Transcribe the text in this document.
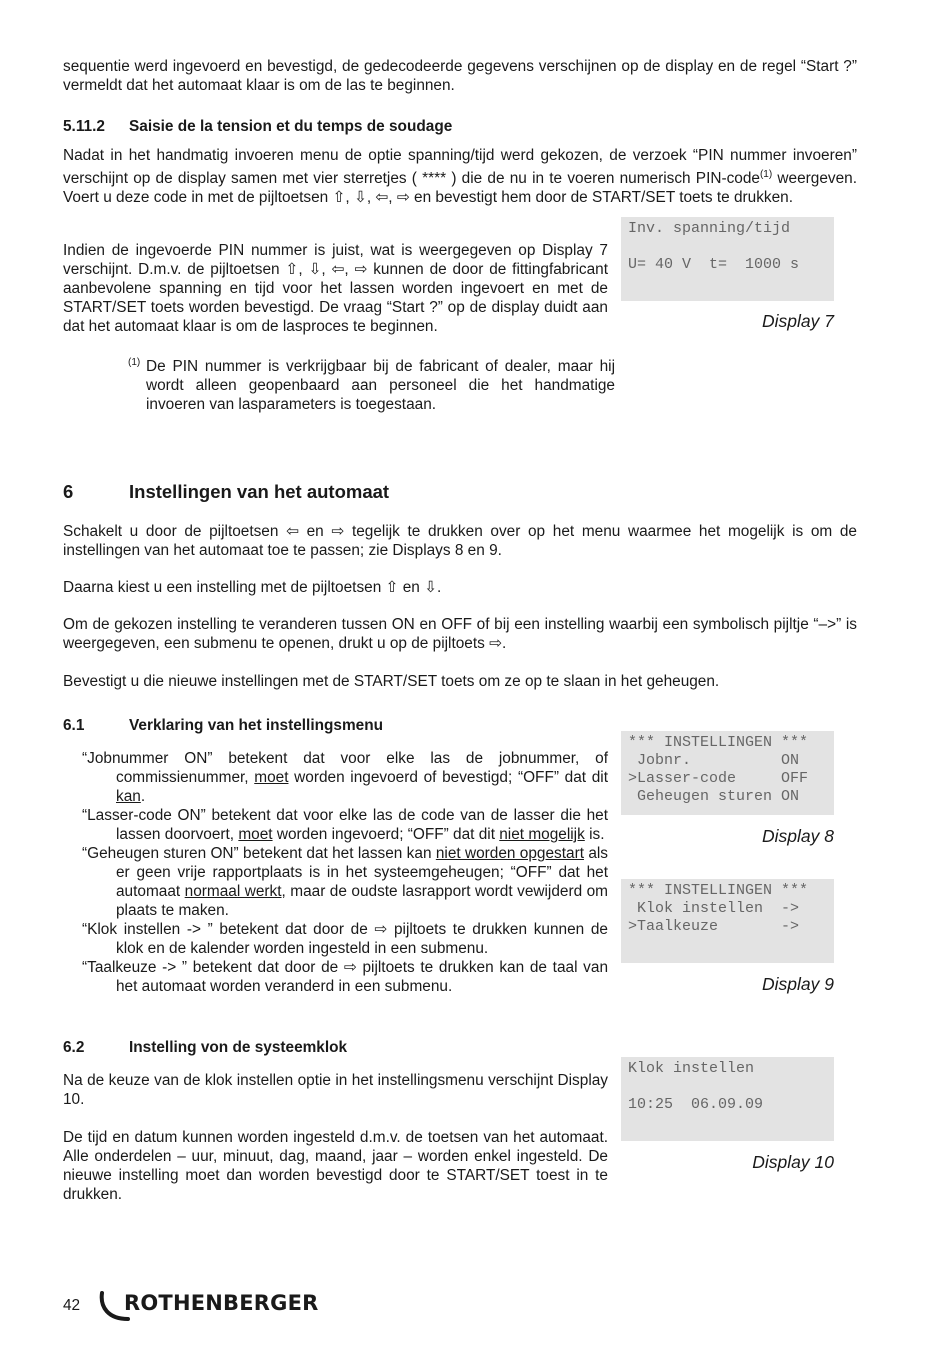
sequentie werd ingevoerd en bevestigd, de gedecodeerde gegevens verschijnen op de display en de regel “Start ?” vermeldt dat het automaat klaar is om de las te beginnen.
5.11.2 Saisie de la tension et du temps de soudage
Nadat in het handmatig invoeren menu de optie spanning/tijd werd gekozen, de verzoek “PIN nummer invoeren” verschijnt op de display samen met vier sterretjes ( **** ) die de nu in te voeren numerisch PIN-code$^{(1)}$ weergeven. Voert u deze code in met de pijltoetsen ⇧, ⇩, ⇦, ⇨ en bevestigt hem door de START/SET toets te drukken.
Indien de ingevoerde PIN nummer is juist, wat is weergegeven op Display 7 verschijnt. D.m.v. de pijltoetsen ⇧, ⇩, ⇦, ⇨ kunnen de door de fittingfabricant aanbevolene spanning en tijd voor het lassen worden ingevoert en met de START/SET toets worden bevestigd. De vraag “Start ?” op de display duidt aan dat het automaat klaar is om de lasproces te beginnen.
(1) De PIN nummer is verkrijgbaar bij de fabricant of dealer, maar hij wordt alleen geopenbaard aan personeel die het handmatige invoeren van lasparameters is toegestaan.
Inv. spanning/tijd
U= 40 V  t=  1000 s
Display 7
6	Instellingen van het automaat
Schakelt u door de pijltoetsen ⇦ en ⇨ tegelijk te drukken over op het menu waarmee het mogelijk is om de instellingen van het automaat toe te passen; zie Displays 8 en 9.
Daarna kiest u een instelling met de pijltoetsen ⇧ en ⇩.
Om de gekozen instelling te veranderen tussen ON en OFF of bij een instelling waarbij een symbolisch pijltje “–>” is weergegeven, een submenu te openen, drukt u op de pijltoets ⇨.
Bevestigt u die nieuwe instellingen met de START/SET toets om ze op te slaan in het geheugen.
6.1	Verklaring van het instellingsmenu
“Jobnummer ON” betekent dat voor elke las de jobnummer, of commissienummer, moet worden ingevoerd of bevestigd; “OFF” dat dit kan.
“Lasser-code ON” betekent dat voor elke las de code van de lasser die het lassen doorvoert, moet worden ingevoerd; “OFF” dat dit niet mogelijk is.
“Geheugen sturen ON” betekent dat het lassen kan niet worden opgestart als er geen vrije rapportplaats is in het systeemgeheugen; “OFF” dat het automaat normaal werkt, maar de oudste lasrapport wordt vewijderd om plaats te maken.
“Klok instellen -> ” betekent dat door de ⇨ pijltoets te drukken kunnen de klok en de kalender worden ingesteld in een submenu.
“Taalkeuze -> ” betekent dat door de ⇨ pijltoets te drukken kan de taal van het automaat worden veranderd in een submenu.
*** INSTELLINGEN ***
Jobnr.          ON
>Lasser-code     OFF
Geheugen sturen ON
Display 8
*** INSTELLINGEN ***
Klok instellen  ->
>Taalkeuze       ->
Display 9
6.2	Instelling von de systeemklok
Na de keuze van de klok instellen optie in het instellingsmenu verschijnt Display 10.
De tijd en datum kunnen worden ingesteld d.m.v. de toetsen van het automaat. Alle onderdelen – uur, minuut, dag, maand, jaar – worden enkel ingesteld. De nieuwe instelling moet dan worden bevestigd door te START/SET toest in te drukken.
Klok instellen
10:25  06.09.09
Display 10
42 ROTHENBERGER
